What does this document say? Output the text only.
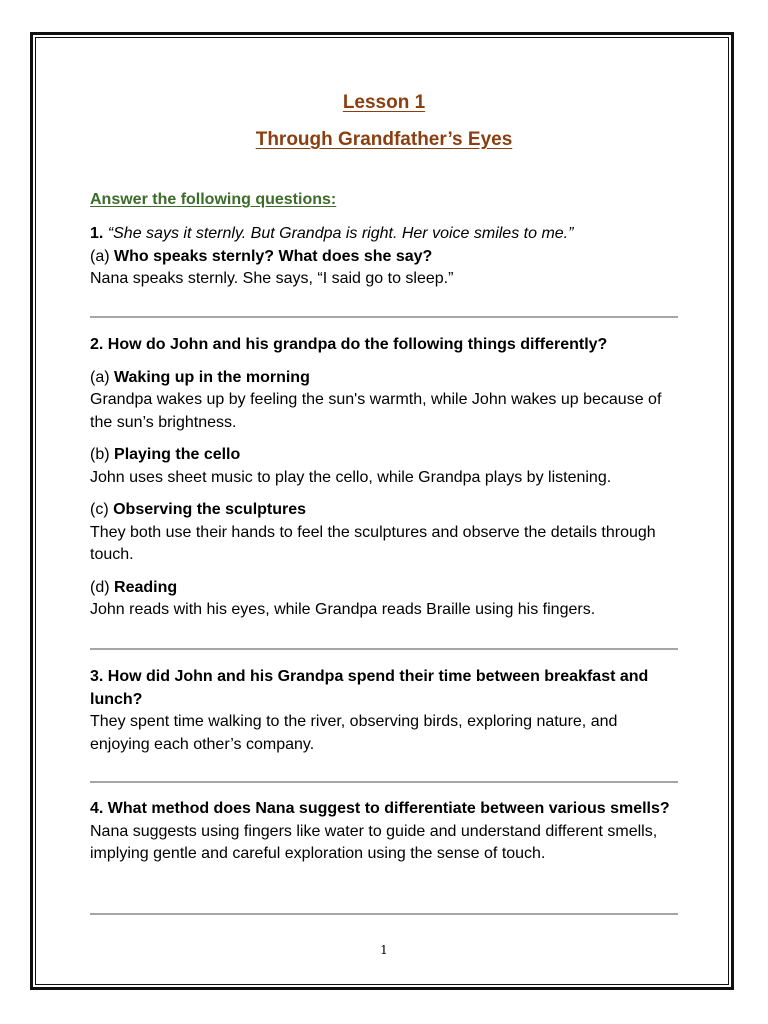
Lesson 1
Through Grandfather’s Eyes
Answer the following questions:

1. “She says it sternly. But Grandpa is right. Her voice smiles to me.”

(a) Who speaks sternly? What does she say?

Nana speaks sternly. She says, “I said go to sleep.”

2. How do John and his grandpa do the following things differently?

(a) Waking up in the morning

Grandpa wakes up by feeling the sun's warmth, while John wakes up because of the sun’s brightness.

(b) Playing the cello

John uses sheet music to play the cello, while Grandpa plays by listening.

(c) Observing the sculptures

They both use their hands to feel the sculptures and observe the details through touch.

(d) Reading

John reads with his eyes, while Grandpa reads Braille using his fingers.

3. How did John and his Grandpa spend their time between breakfast and lunch?

They spent time walking to the river, observing birds, exploring nature, and enjoying each other’s company.

4. What method does Nana suggest to differentiate between various smells?

Nana suggests using fingers like water to guide and understand different smells, implying gentle and careful exploration using the sense of touch.

1
